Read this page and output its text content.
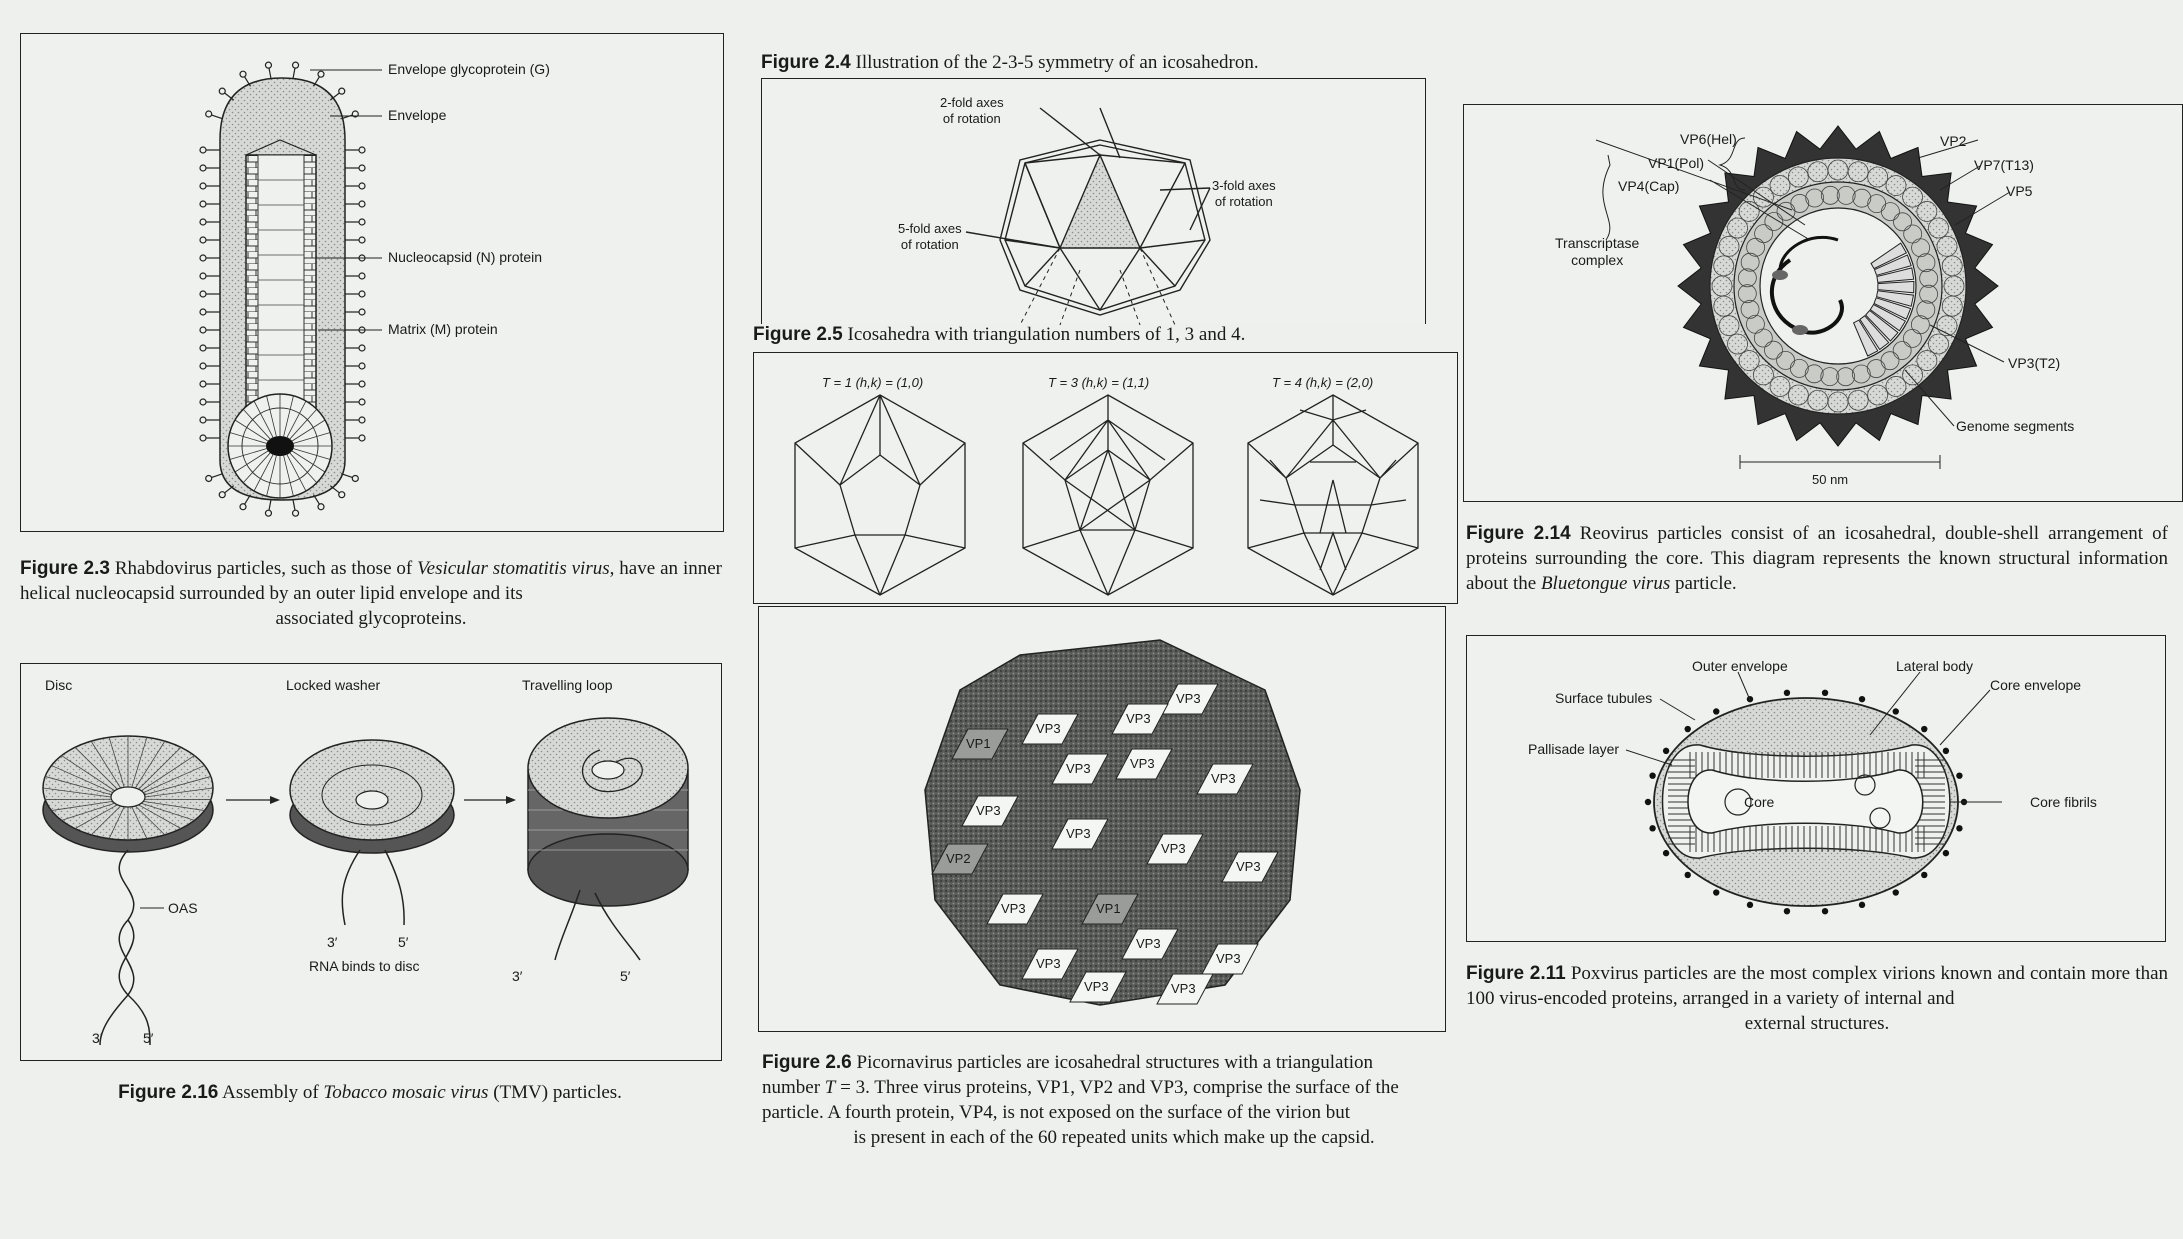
Envelope glycoprotein (G)
Envelope
Nucleocapsid (N) protein
Matrix (M) protein
Figure 2.3 Rhabdovirus particles, such as those of Vesicular stomatitis virus, have an inner helical nucleocapsid surrounded by an outer lipid envelope and its
associated glycoproteins.
Disc	Locked washer	Travelling loop
OAS
3′	5′
3′	5′
RNA binds to disc
3′	5′
Figure 2.16 Assembly of Tobacco mosaic virus (TMV) particles.
Figure 2.4 Illustration of the 2-3-5 symmetry of an icosahedron.
2-fold axes
of rotation
3-fold axes
of rotation
5-fold axes
of rotation
Figure 2.5 Icosahedra with triangulation numbers of 1, 3 and 4.
T = 1 (h,k) = (1,0)	T = 3 (h,k) = (1,1)	T = 4 (h,k) = (2,0)
VP3
VP3
VP3
VP1
VP3	VP3
VP3
VP3
VP3
VP3
VP3
VP3
VP3
VP3
VP3
VP3
VP3
VP2
VP1
Figure 2.6 Picornavirus particles are icosahedral structures with a triangulation
number T = 3. Three virus proteins, VP1, VP2 and VP3, comprise the surface of the
particle. A fourth protein, VP4, is not exposed on the surface of the virion but
is present in each of the 60 repeated units which make up the capsid.
VP6(Hel)
VP1(Pol)
VP4(Cap)
VP2
VP7(T13)
VP5
Transcriptase
complex
VP3(T2)
Genome segments
50 nm
Figure 2.14 Reovirus particles consist of an icosahedral, double-shell arrangement of proteins surrounding the core. This diagram represents the known structural information about the Bluetongue virus particle.
Outer envelope	Lateral body
Core envelope
Surface tubules
Pallisade layer
Core	Core fibrils
Figure 2.11 Poxvirus particles are the most complex virions known and contain more than 100 virus-encoded proteins, arranged in a variety of internal and
external structures.
